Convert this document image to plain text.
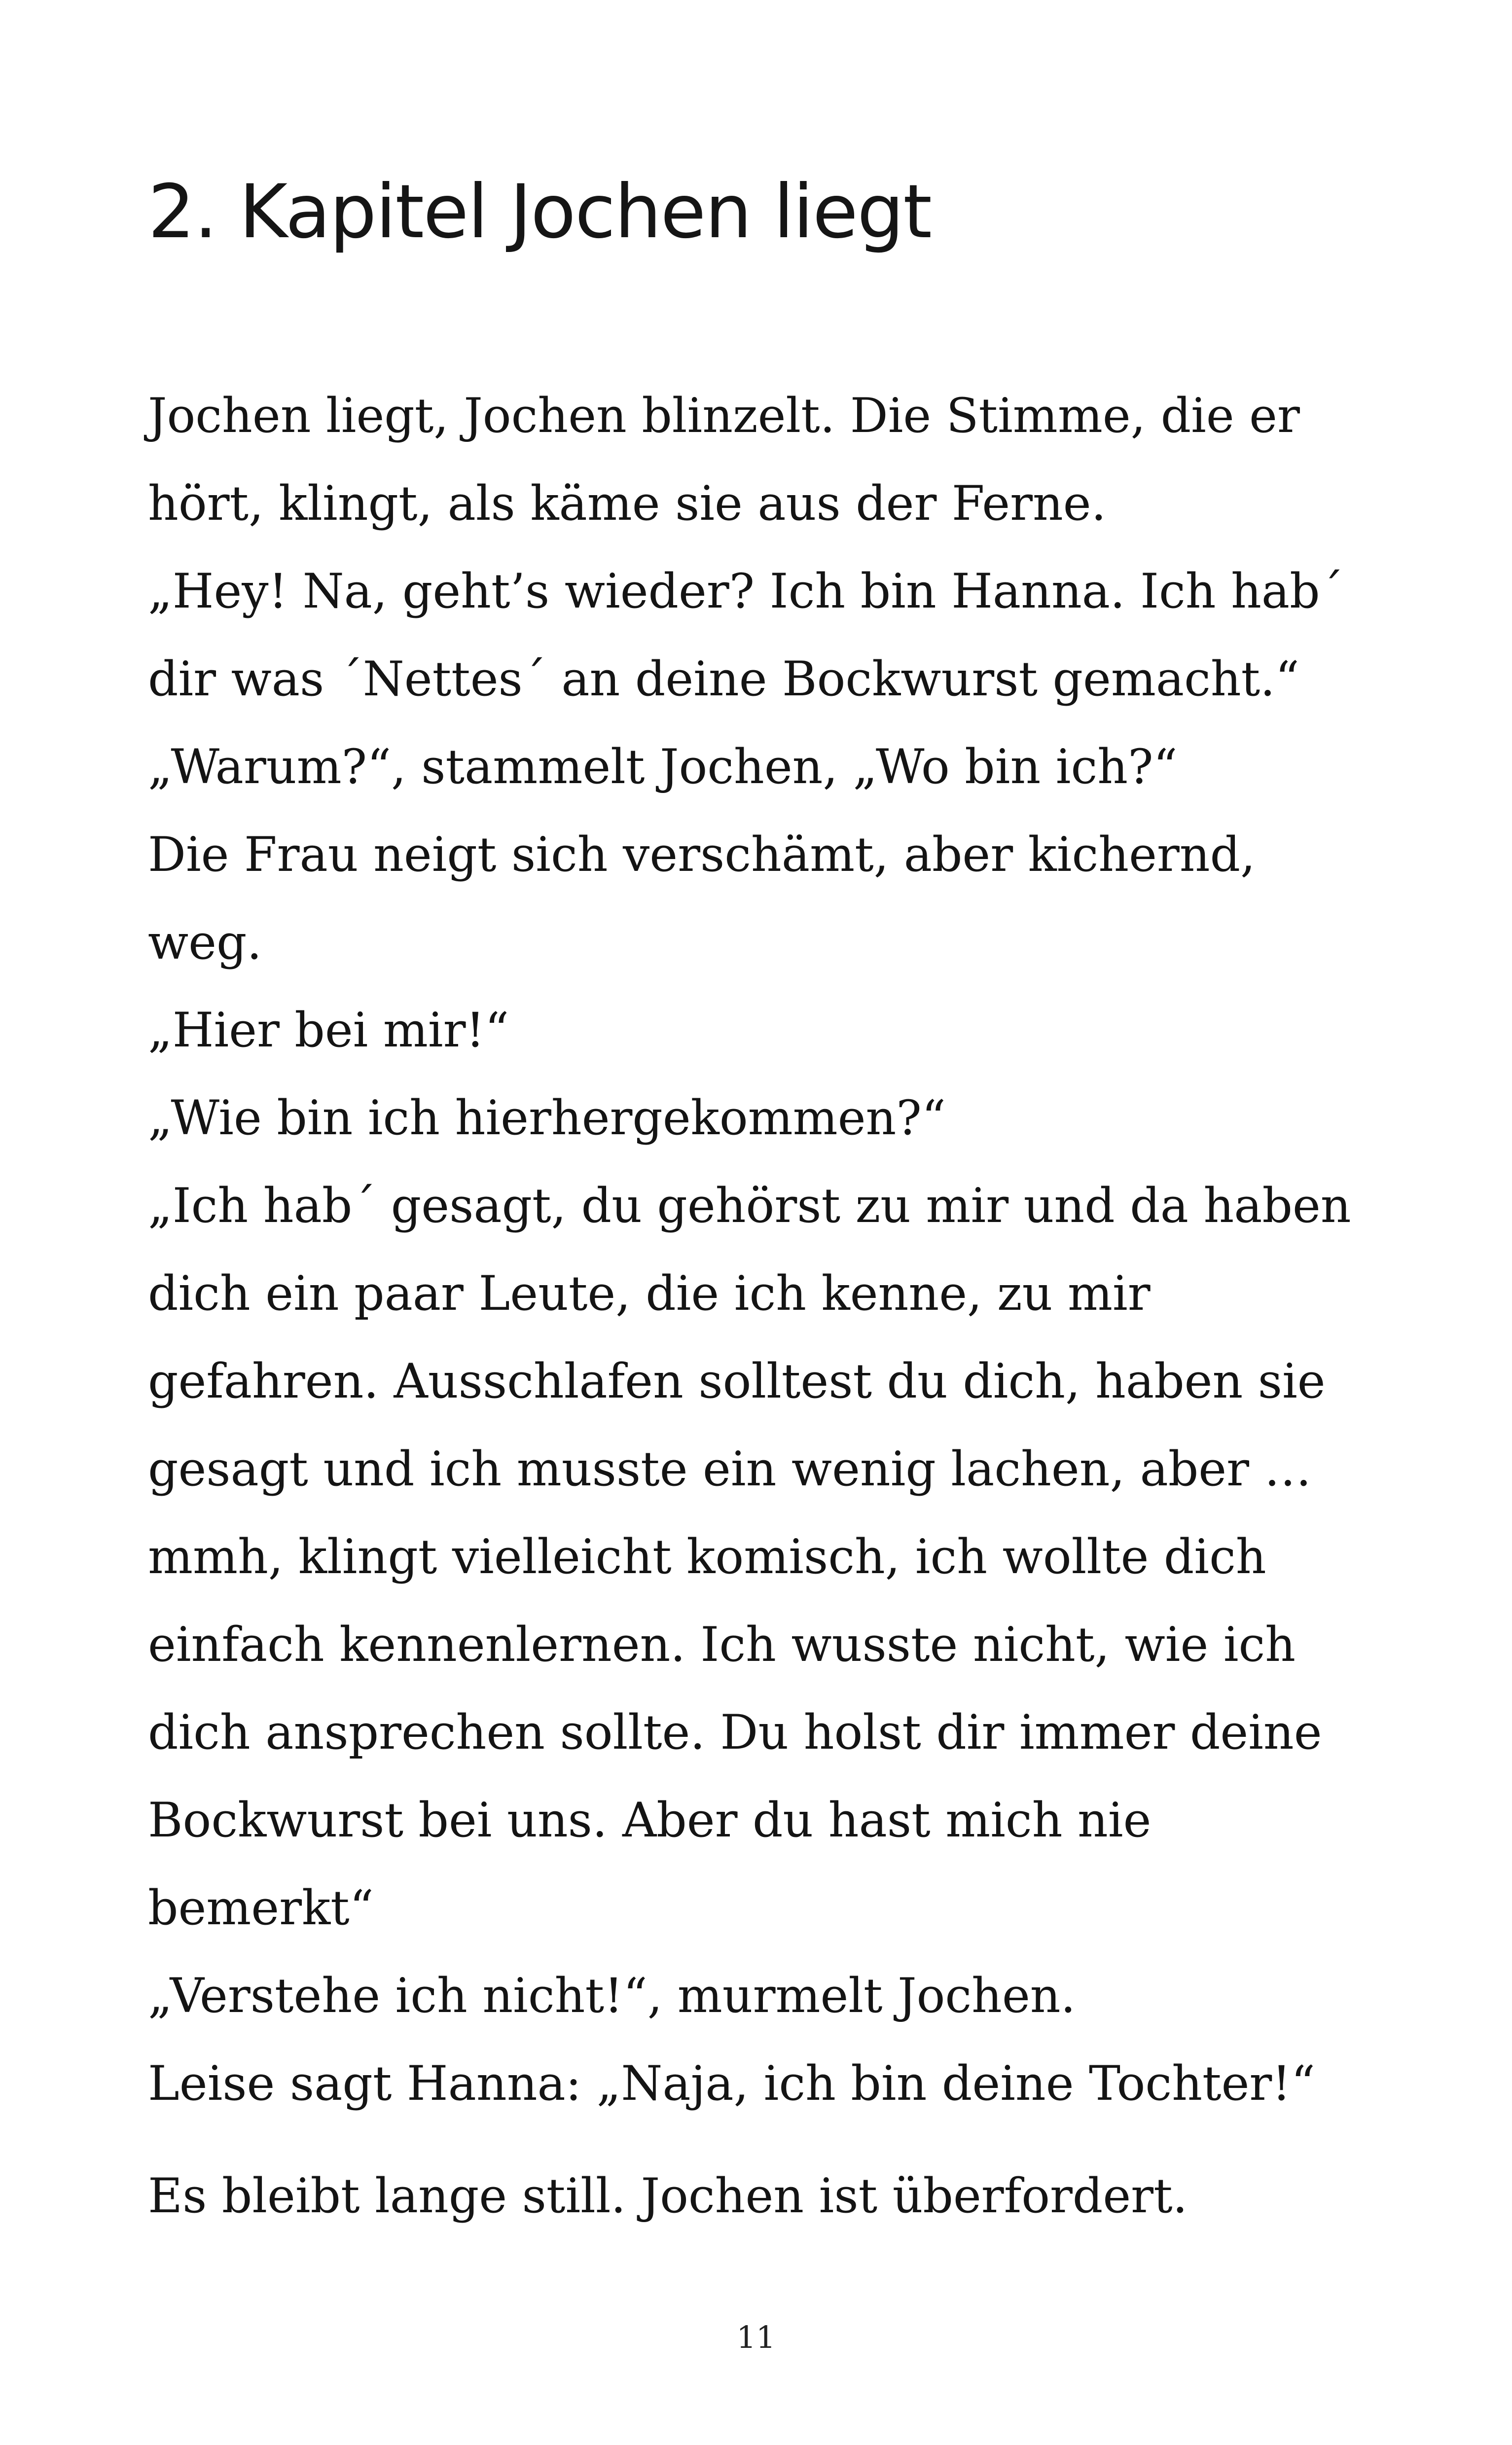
2. Kapitel Jochen liegt
Jochen liegt, Jochen blinzelt. Die Stimme, die er
hört, klingt, als käme sie aus der Ferne.
„Hey! Na, geht’s wieder? Ich bin Hanna. Ich hab´
dir was ´Nettes´ an deine Bockwurst gemacht.“
„Warum?“, stammelt Jochen, „Wo bin ich?“
Die Frau neigt sich verschämt, aber kichernd,
weg.
„Hier bei mir!“
„Wie bin ich hierhergekommen?“
„Ich hab´ gesagt, du gehörst zu mir und da haben
dich ein paar Leute, die ich kenne, zu mir
gefahren. Ausschlafen solltest du dich, haben sie
gesagt und ich musste ein wenig lachen, aber …
mmh, klingt vielleicht komisch, ich wollte dich
einfach kennenlernen. Ich wusste nicht, wie ich
dich ansprechen sollte. Du holst dir immer deine
Bockwurst bei uns. Aber du hast mich nie
bemerkt“
„Verstehe ich nicht!“, murmelt Jochen.
Leise sagt Hanna: „Naja, ich bin deine Tochter!“
Es bleibt lange still. Jochen ist überfordert.
11
